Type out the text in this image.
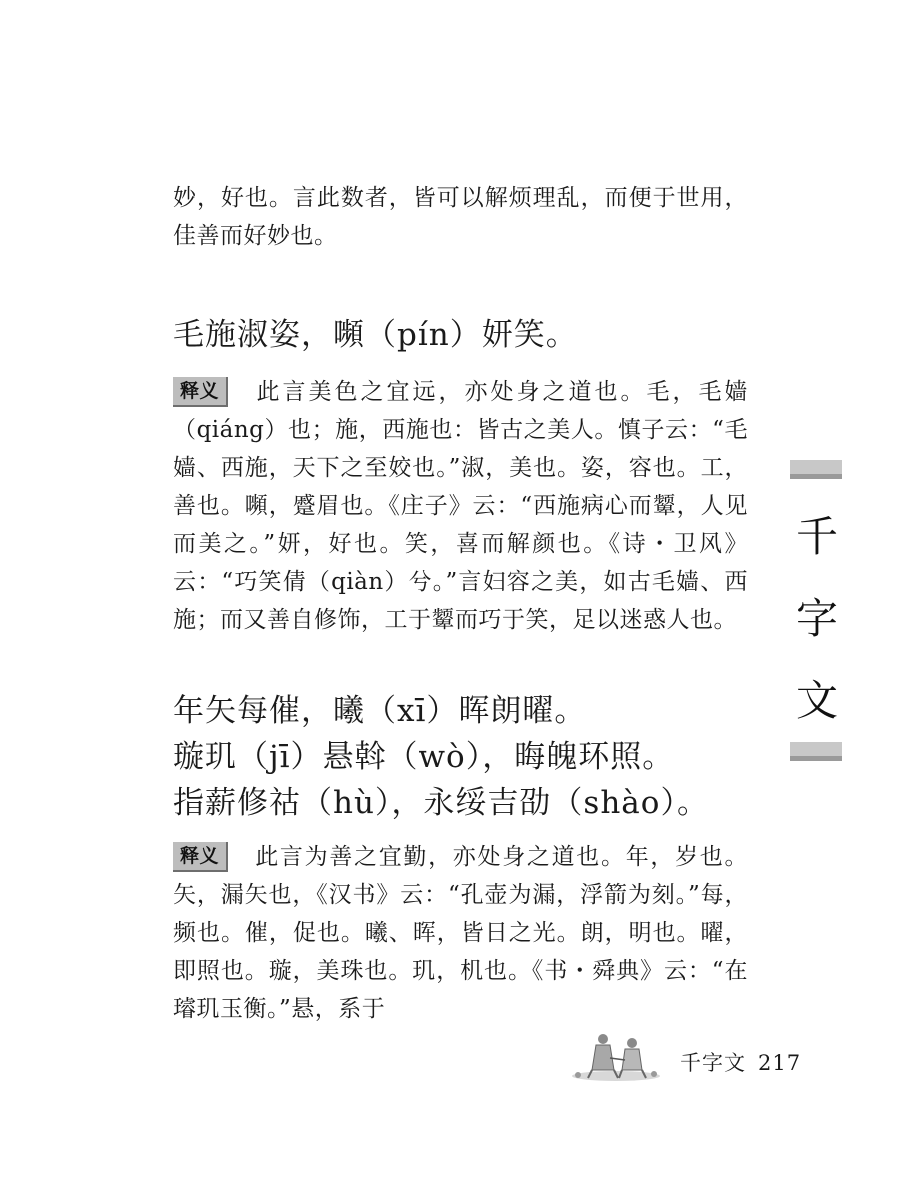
妙，好也。言此数者，皆可以解烦理乱，而便于世用，佳善而好妙也。

毛施淑姿，嚬（pín）妍笑。

释义 此言美色之宜远，亦处身之道也。毛，毛嫱（qiáng）也；施，西施也：皆古之美人。慎子云：“毛嫱、西施，天下之至姣也。”淑，美也。姿，容也。工，善也。嚬，蹙眉也。《庄子》云：“西施病心而颦，人见而美之。”妍，好也。笑，喜而解颜也。《诗・卫风》云：“巧笑倩（qiàn）兮。”言妇容之美，如古毛嫱、西施；而又善自修饰，工于颦而巧于笑，足以迷惑人也。

年矢每催，曦（xī）晖朗曜。
璇玑（jī）悬斡（wò），晦魄环照。
指薪修祜（hù），永绥吉劭（shào）。

释义 此言为善之宜勤，亦处身之道也。年，岁也。矢，漏矢也，《汉书》云：“孔壶为漏，浮箭为刻。”每，频也。催，促也。曦、晖，皆日之光。朗，明也。曜，即照也。璇，美珠也。玑，机也。《书・舜典》云：“在璿玑玉衡。”悬，系于

千
字
文
千字文 217
